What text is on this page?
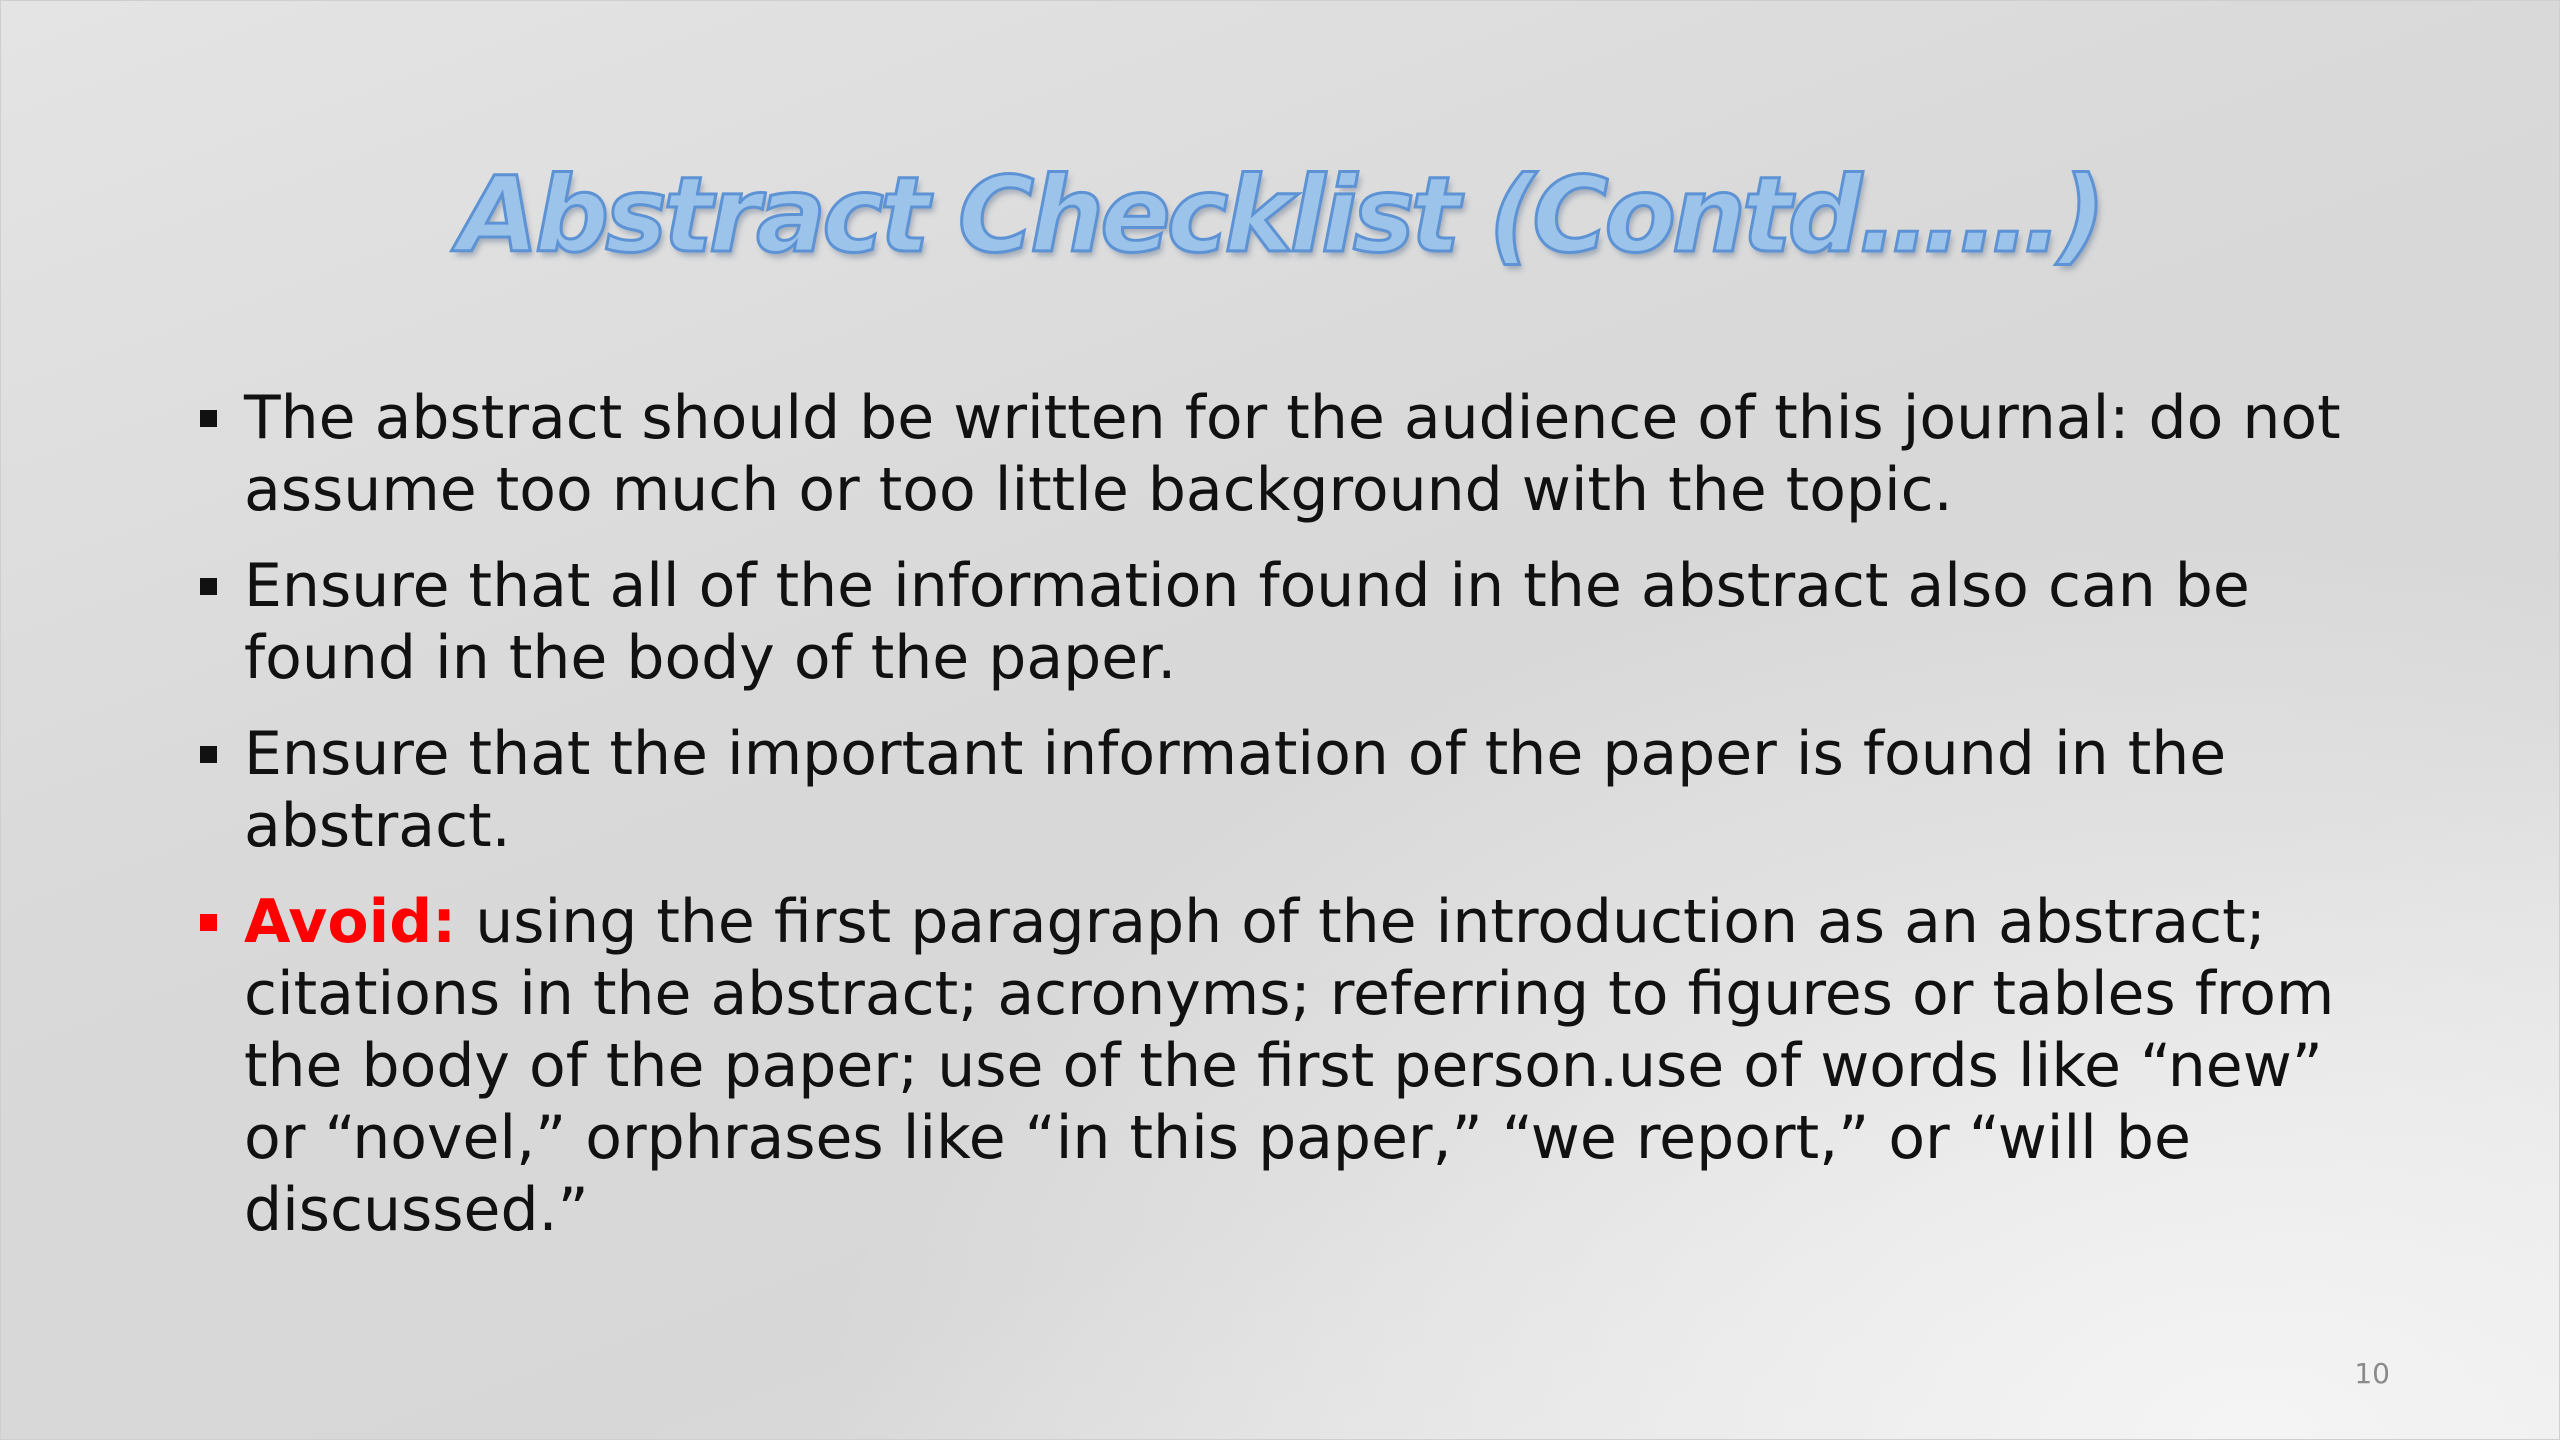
Abstract Checklist (Contd……)
The abstract should be written for the audience of this journal: do not assume too much or too little background with the topic.
Ensure that all of the information found in the abstract also can be found in the body of the paper.
Ensure that the important information of the paper is found in the abstract.
Avoid: using the first paragraph of the introduction as an abstract; citations in the abstract; acronyms; referring to figures or tables from the body of the paper; use of the first person.use of words like “new” or “novel,” orphrases like “in this paper,” “we report,” or “will be discussed.”
10
